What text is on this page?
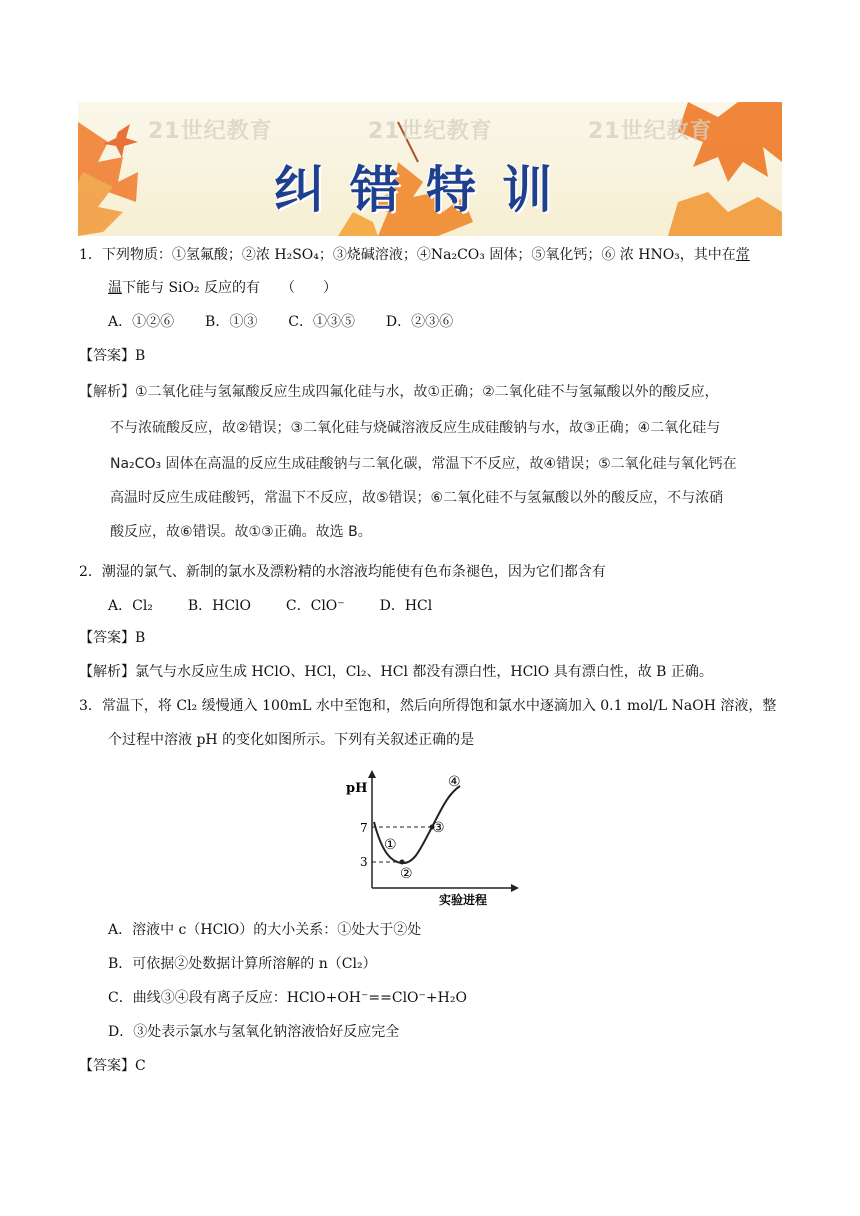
21世纪教育	21世纪教育	21世纪教育
纠错特训
1．下列物质：①氢氟酸；②浓 H₂SO₄；③烧碱溶液；④Na₂CO₃ 固体；⑤氧化钙；⑥ 浓 HNO₃，其中在常
温下能与 SiO₂ 反应的有　　（　　）
A．①②⑥ B．①③ C．①③⑤ D．②③⑥
【答案】B
【解析】①二氧化硅与氢氟酸反应生成四氟化硅与水，故①正确；②二氧化硅不与氢氟酸以外的酸反应，
不与浓硫酸反应，故②错误；③二氧化硅与烧碱溶液反应生成硅酸钠与水，故③正确；④二氧化硅与
Na₂CO₃ 固体在高温的反应生成硅酸钠与二氧化碳，常温下不反应，故④错误；⑤二氧化硅与氧化钙在
高温时反应生成硅酸钙，常温下不反应，故⑤错误；⑥二氧化硅不与氢氟酸以外的酸反应，不与浓硝
酸反应，故⑥错误。故①③正确。故选 B。
2．潮湿的氯气、新制的氯水及漂粉精的水溶液均能使有色布条褪色，因为它们都含有
A．Cl₂ B．HClO C．ClO⁻ D．HCl
【答案】B
【解析】氯气与水反应生成 HClO、HCl，Cl₂、HCl 都没有漂白性，HClO 具有漂白性，故 B 正确。
3．常温下，将 Cl₂ 缓慢通入 100mL 水中至饱和，然后向所得饱和氯水中逐滴加入 0.1 mol/L NaOH 溶液，整
个过程中溶液 pH 的变化如图所示。下列有关叙述正确的是
pH
实验进程
7
3
①
②
③
④
A．溶液中 c（HClO）的大小关系：①处大于②处
B．可依据②处数据计算所溶解的 n（Cl₂）
C．曲线③④段有离子反应：HClO+OH⁻==ClO⁻+H₂O
D．③处表示氯水与氢氧化钠溶液恰好反应完全
【答案】C
